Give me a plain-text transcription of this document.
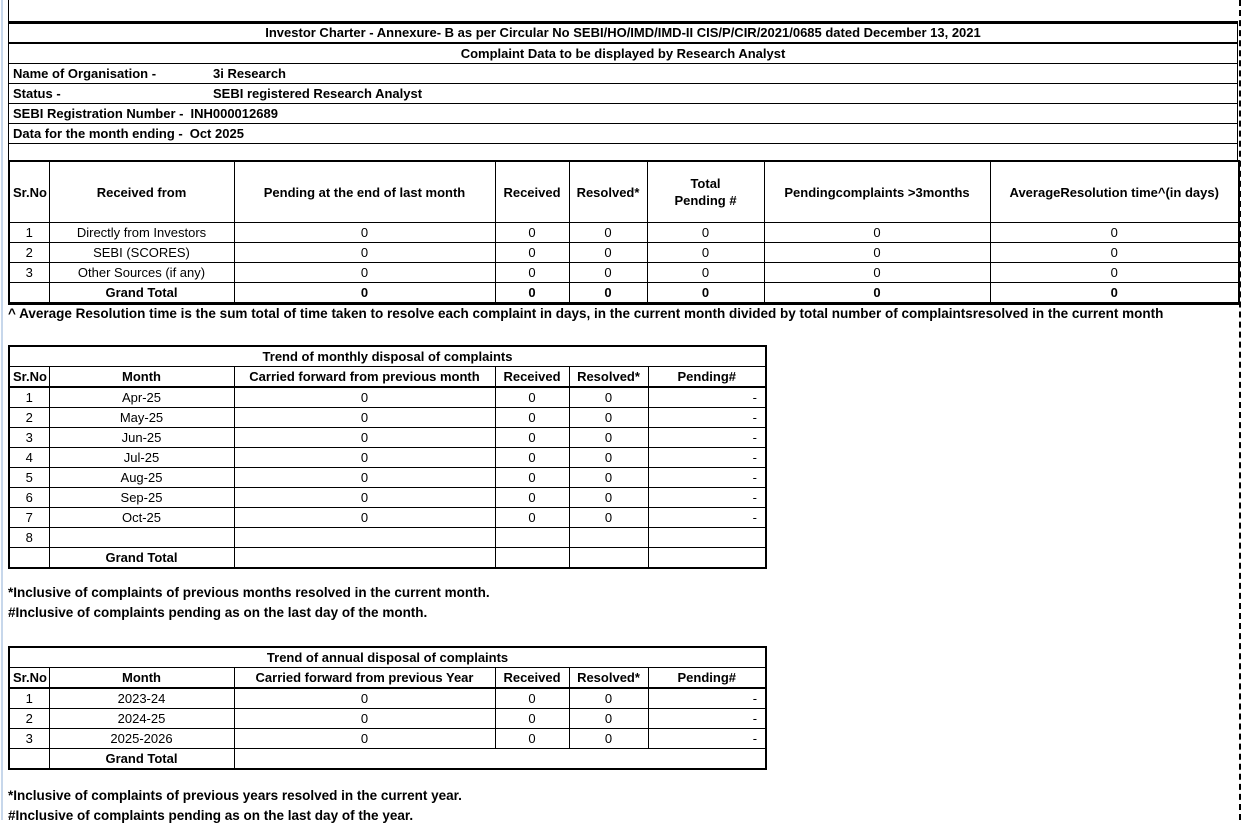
Investor Charter - Annexure- B as per Circular No SEBI/HO/IMD/IMD-II CIS/P/CIR/2021/0685 dated December 13, 2021
Complaint Data to be displayed by Research Analyst
Name of Organisation -	3i Research
Status -	SEBI registered Research Analyst
SEBI Registration Number - INH000012689
Data for the month ending - Oct 2025
Sr.No	Received from	Pending at the end of last month	Received	Resolved*	Total Pending #	Pendingcomplaints >3months	AverageResolution time^(in days)
1	Directly from Investors	0	0	0	0	0	0
2	SEBI (SCORES)	0	0	0	0	0	0
3	Other Sources (if any)	0	0	0	0	0	0
	Grand Total	0	0	0	0	0	0
^ Average Resolution time is the sum total of time taken to resolve each complaint in days, in the current month divided by total number of complaintsresolved in the current month
Trend of monthly disposal of complaints					
Sr.No	Month	Carried forward from previous month	Received	Resolved*	Pending#
1	Apr-25	0	0	0	-
2	May-25	0	0	0	-
3	Jun-25	0	0	0	-
4	Jul-25	0	0	0	-
5	Aug-25	0	0	0	-
6	Sep-25	0	0	0	-
7	Oct-25	0	0	0	-
8					
	Grand Total				
*Inclusive of complaints of previous months resolved in the current month.
#Inclusive of complaints pending as on the last day of the month.
Trend of annual disposal of complaints					
Sr.No	Month	Carried forward from previous Year	Received	Resolved*	Pending#
1	2023-24	0	0	0	-
2	2024-25	0	0	0	-
3	2025-2026	0	0	0	-
	Grand Total				
*Inclusive of complaints of previous years resolved in the current year.
#Inclusive of complaints pending as on the last day of the year.
